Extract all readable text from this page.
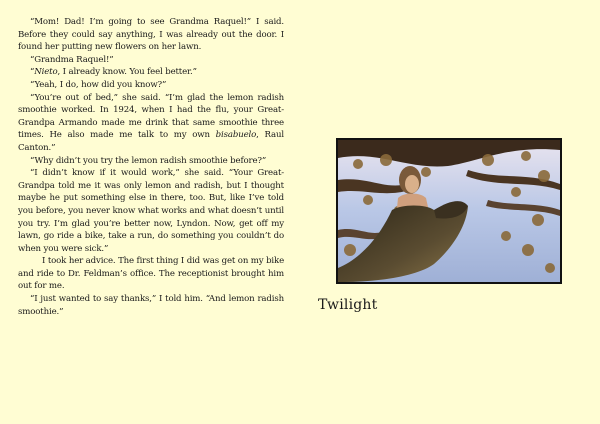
“Mom! Dad! I’m going to see Grandma Raquel!” I said. Before they could say anything, I was already out the door. I found her putting new flowers on her lawn.

“Grandma Raquel!”

“Nieto, I already know. You feel better.”

“Yeah, I do, how did you know?”

“You’re out of bed,” she said. “I’m glad the lemon radish smoothie worked. In 1924, when I had the flu, your Great-Grandpa Armando made me drink that same smoothie three times. He also made me talk to my own bisabuelo, Raul Canton.”

“Why didn’t you try the lemon radish smoothie before?”

“I didn’t know if it would work,” she said. “Your Great-Grandpa told me it was only lemon and radish, but I thought maybe he put something else in there, too. But, like I’ve told you before, you never know what works and what doesn’t until you try. I’m glad you’re better now, Lyndon. Now, get off my lawn, go ride a bike, take a run, do something you couldn’t do when you were sick.”

I took her advice. The first thing I did was get on my bike and ride to Dr. Feldman’s office. The receptionist brought him out for me.

“I just wanted to say thanks,” I told him. “And lemon radish smoothie.”	Twilight
